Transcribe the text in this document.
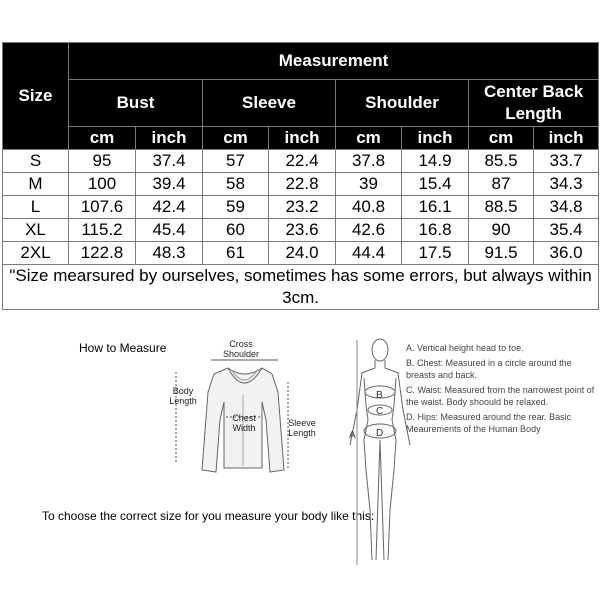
Size	Measurement							
	Bust		Sleeve		Shoulder		Center Back Length	
	cm	inch	cm	inch	cm	inch	cm	inch
S	95	37.4	57	22.4	37.8	14.9	85.5	33.7
M	100	39.4	58	22.8	39	15.4	87	34.3
L	107.6	42.4	59	23.2	40.8	16.1	88.5	34.8
XL	115.2	45.4	60	23.6	42.6	16.8	90	35.4
2XL	122.8	48.3	61	24.0	44.4	17.5	91.5	36.0
"Size mearsured by ourselves, sometimes has some errors, but always within 3cm.								
How to Measure
To choose the correct size for you measure your body like this:
A
B
C
D
Cross Shoulder
Body Length
Chest Width	Sleeve Length
A. Vertical height head to toe.
B. Chest: Measured in a circle around the breasts and back.
C. Waist: Measured from the narrowest point of the waist. Body shoould be relaxed.
D. Hips: Measured around the rear. Basic Meaurements of the Human Body
